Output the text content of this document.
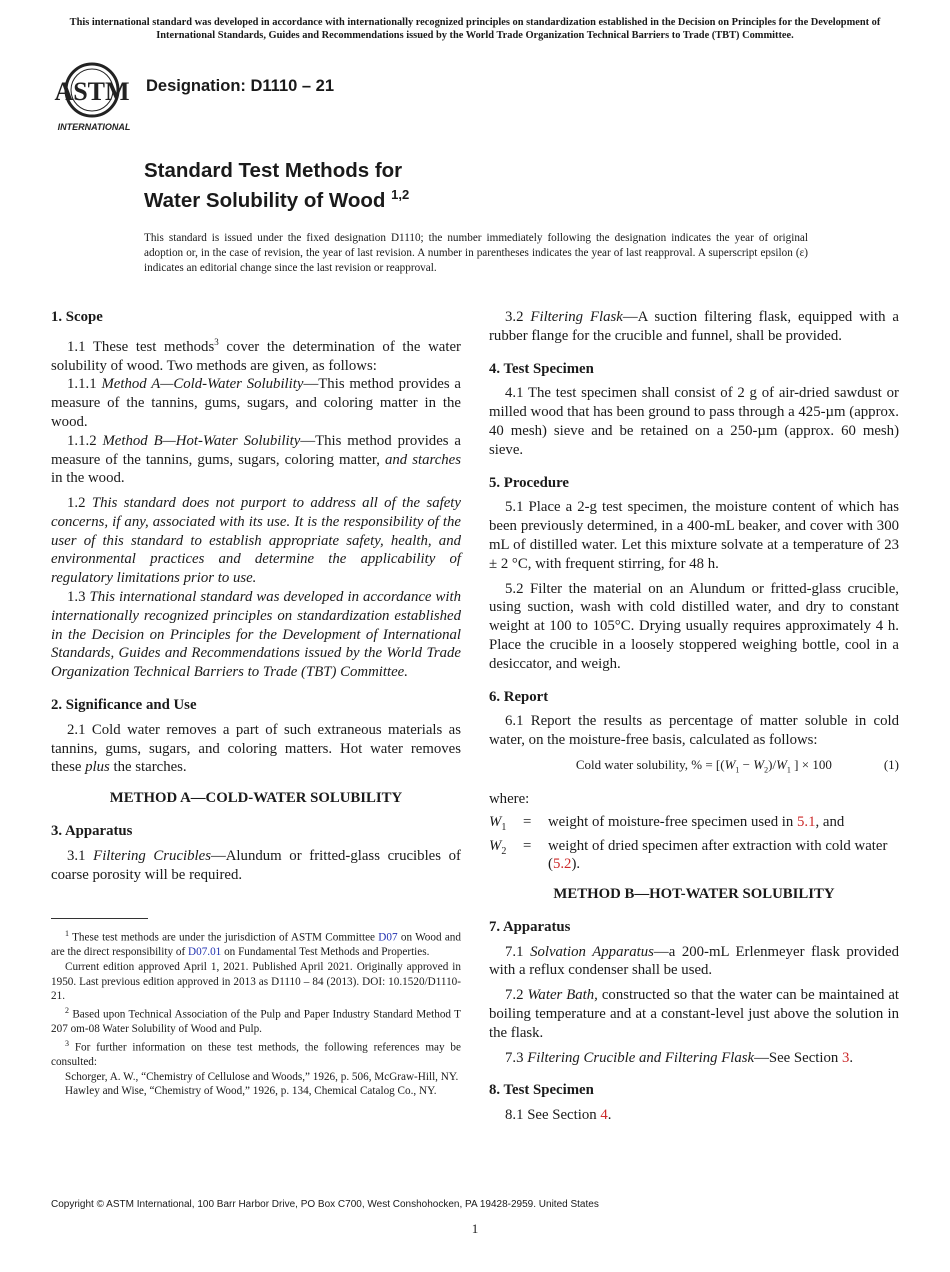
This international standard was developed in accordance with internationally recognized principles on standardization established in the Decision on Principles for the Development of International Standards, Guides and Recommendations issued by the World Trade Organization Technical Barriers to Trade (TBT) Committee.
ASTM
INTERNATIONAL
Designation: D1110 – 21
Standard Test Methods for
Water Solubility of Wood $^{1,2}$
This standard is issued under the fixed designation D1110; the number immediately following the designation indicates the year of original adoption or, in the case of revision, the year of last revision. A number in parentheses indicates the year of last reapproval. A superscript epsilon (ε) indicates an editorial change since the last revision or reapproval.
1. Scope

1.1 These test methods$^3$ cover the determination of the water solubility of wood. Two methods are given, as follows:

1.1.1 Method A—Cold-Water Solubility—This method provides a measure of the tannins, gums, sugars, and coloring matter in the wood.

1.1.2 Method B—Hot-Water Solubility—This method provides a measure of the tannins, gums, sugars, coloring matter, and starches in the wood.

1.2 This standard does not purport to address all of the safety concerns, if any, associated with its use. It is the responsibility of the user of this standard to establish appropriate safety, health, and environmental practices and determine the applicability of regulatory limitations prior to use.

1.3 This international standard was developed in accordance with internationally recognized principles on standardization established in the Decision on Principles for the Development of International Standards, Guides and Recommendations issued by the World Trade Organization Technical Barriers to Trade (TBT) Committee.

2. Significance and Use

2.1 Cold water removes a part of such extraneous materials as tannins, gums, sugars, and coloring matters. Hot water removes these plus the starches.

METHOD A—COLD-WATER SOLUBILITY
3. Apparatus

3.1 Filtering Crucibles—Alundum or fritted-glass crucibles of coarse porosity will be required.

3.2 Filtering Flask—A suction filtering flask, equipped with a rubber flange for the crucible and funnel, shall be provided.

4. Test Specimen

4.1 The test specimen shall consist of 2 g of air-dried sawdust or milled wood that has been ground to pass through a 425-µm (approx. 40 mesh) sieve and be retained on a 250-µm (approx. 60 mesh) sieve.

5. Procedure

5.1 Place a 2-g test specimen, the moisture content of which has been previously determined, in a 400-mL beaker, and cover with 300 mL of distilled water. Let this mixture solvate at a temperature of 23 ± 2 °C, with frequent stirring, for 48 h.

5.2 Filter the material on an Alundum or fritted-glass crucible, using suction, wash with cold distilled water, and dry to constant weight at 100 to 105°C. Drying usually requires approximately 4 h. Place the crucible in a loosely stoppered weighing bottle, cool in a desiccator, and weigh.

6. Report

6.1 Report the results as percentage of matter soluble in cold water, on the moisture-free basis, calculated as follows:

Cold water solubility, % = [$(W_1 - W_2)/W_1$ ] × 100	(1)
where:
$W_1$	=	weight of moisture-free specimen used in 5.1, and
$W_2$	=	weight of dried specimen after extraction with cold water (5.2).
METHOD B—HOT-WATER SOLUBILITY
7. Apparatus

7.1 Solvation Apparatus—a 200-mL Erlenmeyer flask provided with a reflux condenser shall be used.

7.2 Water Bath, constructed so that the water can be maintained at boiling temperature and at a constant-level just above the solution in the flask.

7.3 Filtering Crucible and Filtering Flask—See Section 3.

8. Test Specimen

8.1 See Section 4.

$^1$ These test methods are under the jurisdiction of ASTM Committee D07 on Wood and are the direct responsibility of D07.01 on Fundamental Test Methods and Properties.

Current edition approved April 1, 2021. Published April 2021. Originally approved in 1950. Last previous edition approved in 2013 as D1110 – 84 (2013). DOI: 10.1520/D1110-21.

$^2$ Based upon Technical Association of the Pulp and Paper Industry Standard Method T 207 om-08 Water Solubility of Wood and Pulp.

$^3$ For further information on these test methods, the following references may be consulted:

Schorger, A. W., “Chemistry of Cellulose and Woods,” 1926, p. 506, McGraw-Hill, NY.

Hawley and Wise, “Chemistry of Wood,” 1926, p. 134, Chemical Catalog Co., NY.

Copyright © ASTM International, 100 Barr Harbor Drive, PO Box C700, West Conshohocken, PA 19428-2959. United States
1
